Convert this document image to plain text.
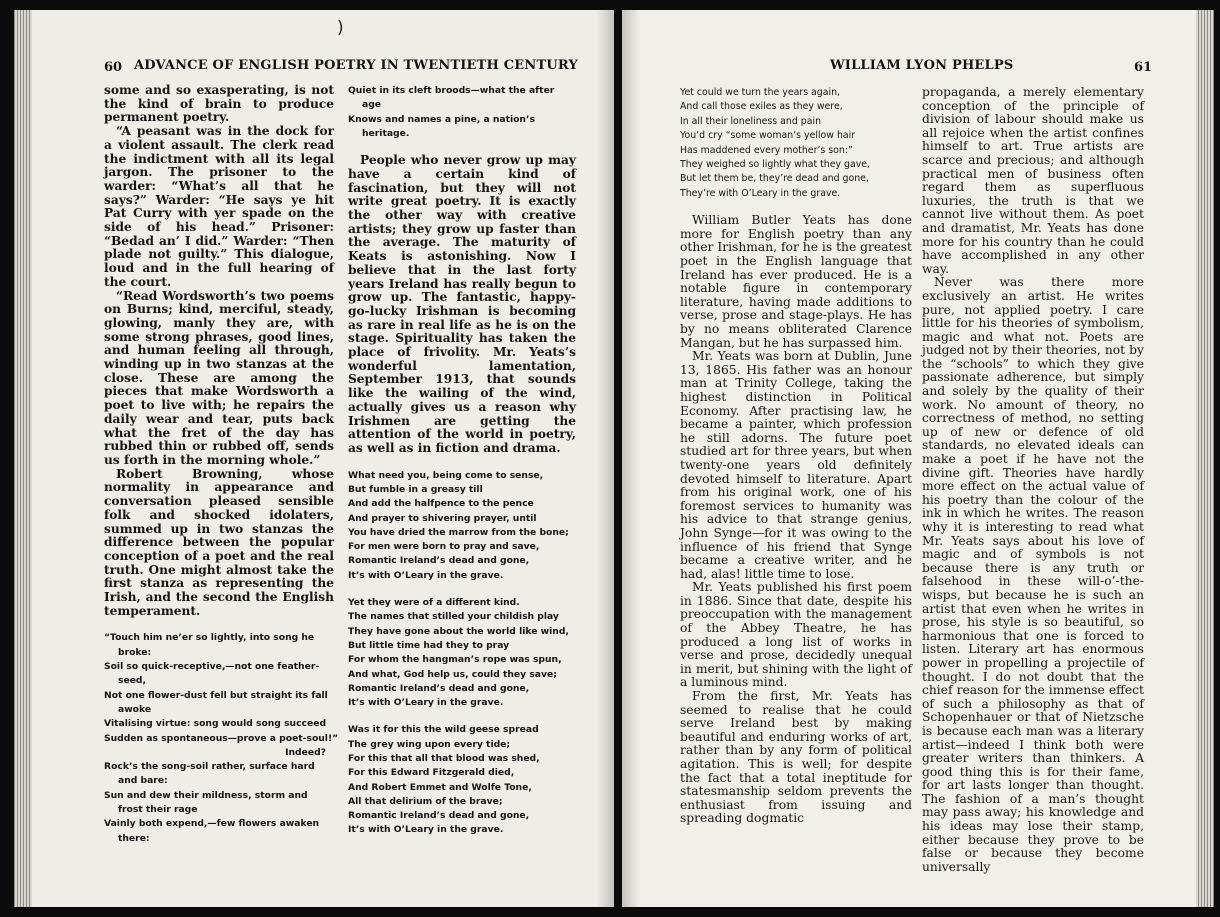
)
60 ADVANCE OF ENGLISH POETRY IN TWENTIETH CENTURY

some and so exasperating, is not the kind of brain to produce permanent poetry.

“A peasant was in the dock for a violent assault. The clerk read the indictment with all its legal jargon. The prisoner to the warder: “What’s all that he says?” Warder: “He says ye hit Pat Curry with yer spade on the side of his head.” Prisoner: “Bedad an’ I did.” Warder: “Then plade not guilty.” This dialogue, loud and in the full hearing of the court.

“Read Wordsworth’s two poems on Burns; kind, merciful, steady, glowing, manly they are, with some strong phrases, good lines, and human feeling all through, winding up in two stanzas at the close. These are among the pieces that make Wordsworth a poet to live with; he repairs the daily wear and tear, puts back what the fret of the day has rubbed thin or rubbed off, sends us forth in the morning whole.”

Robert Browning, whose normality in appearance and conversation pleased sensible folk and shocked idolaters, summed up in two stanzas the difference between the popular conception of a poet and the real truth. One might almost take the first stanza as representing the Irish, and the second the English temperament.

“Touch him ne’er so lightly, into song he broke:
Soil so quick-receptive,—not one feather-seed,
Not one flower-dust fell but straight its fall awoke
Vitalising virtue: song would song succeed
Sudden as spontaneous—prove a poet-soul!”
Indeed?
Rock’s the song-soil rather, surface hard and bare:
Sun and dew their mildness, storm and frost their rage
Vainly both expend,—few flowers awaken there:
Quiet in its cleft broods—what the after age
Knows and names a pine, a nation’s heritage.

People who never grow up may have a certain kind of fascination, but they will not write great poetry. It is exactly the other way with creative artists; they grow up faster than the average. The maturity of Keats is astonishing. Now I believe that in the last forty years Ireland has really begun to grow up. The fantastic, happy-go-lucky Irishman is becoming as rare in real life as he is on the stage. Spirituality has taken the place of frivolity. Mr. Yeats’s wonderful lamentation, September 1913, that sounds like the wailing of the wind, actually gives us a reason why Irishmen are getting the attention of the world in poetry, as well as in fiction and drama.

What need you, being come to sense,
But fumble in a greasy till
And add the halfpence to the pence
And prayer to shivering prayer, until
You have dried the marrow from the bone;
For men were born to pray and save,
Romantic Ireland’s dead and gone,
It’s with O’Leary in the grave.
Yet they were of a different kind.
The names that stilled your childish play
They have gone about the world like wind,
But little time had they to pray
For whom the hangman’s rope was spun,
And what, God help us, could they save;
Romantic Ireland’s dead and gone,
It’s with O’Leary in the grave.
Was it for this the wild geese spread
The grey wing upon every tide;
For this that all that blood was shed,
For this Edward Fitzgerald died,
And Robert Emmet and Wolfe Tone,
All that delirium of the brave;
Romantic Ireland’s dead and gone,
It’s with O’Leary in the grave.
WILLIAM LYON PHELPS	61
Yet could we turn the years again,
And call those exiles as they were,
In all their loneliness and pain
You’d cry “some woman’s yellow hair
Has maddened every mother’s son:”
They weighed so lightly what they gave,
But let them be, they’re dead and gone,
They’re with O’Leary in the grave.

William Butler Yeats has done more for English poetry than any other Irishman, for he is the greatest poet in the English language that Ireland has ever produced. He is a notable figure in contemporary literature, having made additions to verse, prose and stage-plays. He has by no means obliterated Clarence Mangan, but he has surpassed him.

Mr. Yeats was born at Dublin, June 13, 1865. His father was an honour man at Trinity College, taking the highest distinction in Political Economy. After practising law, he became a painter, which profession he still adorns. The future poet studied art for three years, but when twenty-one years old definitely devoted himself to literature. Apart from his original work, one of his foremost services to humanity was his advice to that strange genius, John Synge—for it was owing to the influence of his friend that Synge became a creative writer, and he had, alas! little time to lose.

Mr. Yeats published his first poem in 1886. Since that date, despite his preoccupation with the management of the Abbey Theatre, he has produced a long list of works in verse and prose, decidedly unequal in merit, but shining with the light of a luminous mind.

From the first, Mr. Yeats has seemed to realise that he could serve Ireland best by making beautiful and enduring works of art, rather than by any form of political agitation. This is well; for despite the fact that a total ineptitude for statesmanship seldom prevents the enthusiast from issuing and spreading dogmatic

propaganda, a merely elementary conception of the principle of division of labour should make us all rejoice when the artist confines himself to art. True artists are scarce and precious; and although practical men of business often regard them as superfluous luxuries, the truth is that we cannot live without them. As poet and dramatist, Mr. Yeats has done more for his country than he could have accomplished in any other way.

Never was there more exclusively an artist. He writes pure, not applied poetry. I care little for his theories of symbolism, magic and what not. Poets are judged not by their theories, not by the “schools” to which they give passionate adherence, but simply and solely by the quality of their work. No amount of theory, no correctness of method, no setting up of new or defence of old standards, no elevated ideals can make a poet if he have not the divine gift. Theories have hardly more effect on the actual value of his poetry than the colour of the ink in which he writes. The reason why it is interesting to read what Mr. Yeats says about his love of magic and of symbols is not because there is any truth or falsehood in these will-o’-the-wisps, but because he is such an artist that even when he writes in prose, his style is so beautiful, so harmonious that one is forced to listen. Literary art has enormous power in propelling a projectile of thought. I do not doubt that the chief reason for the immense effect of such a philosophy as that of Schopenhauer or that of Nietzsche is because each man was a literary artist—indeed I think both were greater writers than thinkers. A good thing this is for their fame, for art lasts longer than thought. The fashion of a man’s thought may pass away; his knowledge and his ideas may lose their stamp, either because they prove to be false or because they become universally
